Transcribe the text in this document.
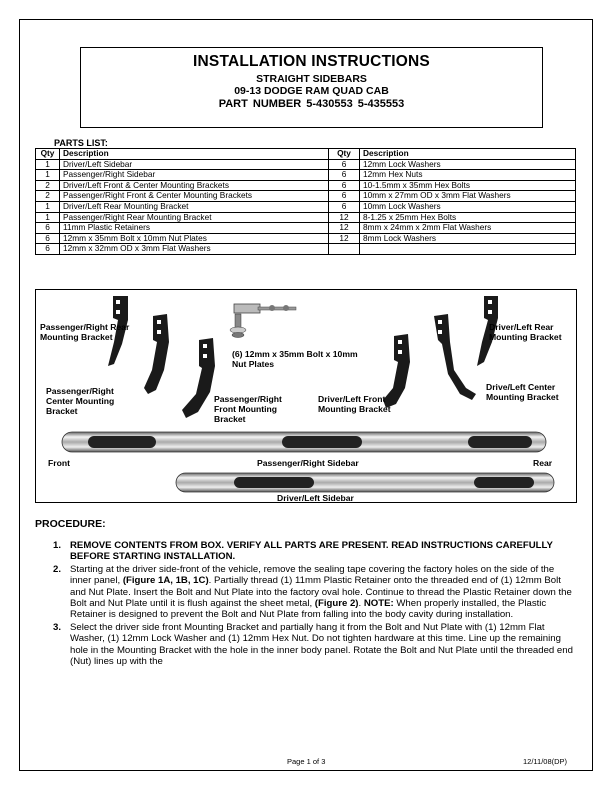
INSTALLATION INSTRUCTIONS
STRAIGHT SIDEBARS
09-13 DODGE RAM QUAD CAB
PART NUMBER 5-430553 5-435553
PARTS LIST:
Qty	Description	Qty	Description
1	Driver/Left Sidebar	6	12mm Lock Washers
1	Passenger/Right Sidebar	6	12mm Hex Nuts
2	Driver/Left Front & Center Mounting Brackets	6	10-1.5mm x 35mm Hex Bolts
2	Passenger/Right Front & Center Mounting Brackets	6	10mm x 27mm OD x 3mm Flat Washers
1	Driver/Left Rear Mounting Bracket	6	10mm Lock Washers
1	Passenger/Right Rear Mounting Bracket	12	8-1.25 x 25mm Hex Bolts
6	11mm Plastic Retainers	12	8mm x 24mm x 2mm Flat Washers
6	12mm x 35mm Bolt x 10mm Nut Plates	12	8mm Lock Washers
6	12mm x 32mm OD x 3mm Flat Washers		
Passenger/Right Rear Mounting Bracket
Passenger/Right Center Mounting Bracket
Passenger/Right Front Mounting Bracket
(6) 12mm x 35mm Bolt x 10mm Nut Plates
Driver/Left Front Mounting Bracket
Drive/Left Center Mounting Bracket
Driver/Left Rear Mounting Bracket
Front	Passenger/Right Sidebar	Rear
Driver/Left Sidebar
PROCEDURE:
1. REMOVE CONTENTS FROM BOX. VERIFY ALL PARTS ARE PRESENT. READ INSTRUCTIONS CAREFULLY BEFORE STARTING INSTALLATION.
2. Starting at the driver side-front of the vehicle, remove the sealing tape covering the factory holes on the side of the inner panel, (Figure 1A, 1B, 1C). Partially thread (1) 11mm Plastic Retainer onto the threaded end of (1) 12mm Bolt and Nut Plate. Insert the Bolt and Nut Plate into the factory oval hole. Continue to thread the Plastic Retainer down the Bolt and Nut Plate until it is flush against the sheet metal, (Figure 2). NOTE: When properly installed, the Plastic Retainer is designed to prevent the Bolt and Nut Plate from falling into the body cavity during installation.
3. Select the driver side front Mounting Bracket and partially hang it from the Bolt and Nut Plate with (1) 12mm Flat Washer, (1) 12mm Lock Washer and (1) 12mm Hex Nut. Do not tighten hardware at this time. Line up the remaining hole in the Mounting Bracket with the hole in the inner body panel. Rotate the Bolt and Nut Plate until the threaded end (Nut) lines up with the
Page 1 of 3	12/11/08(DP)
